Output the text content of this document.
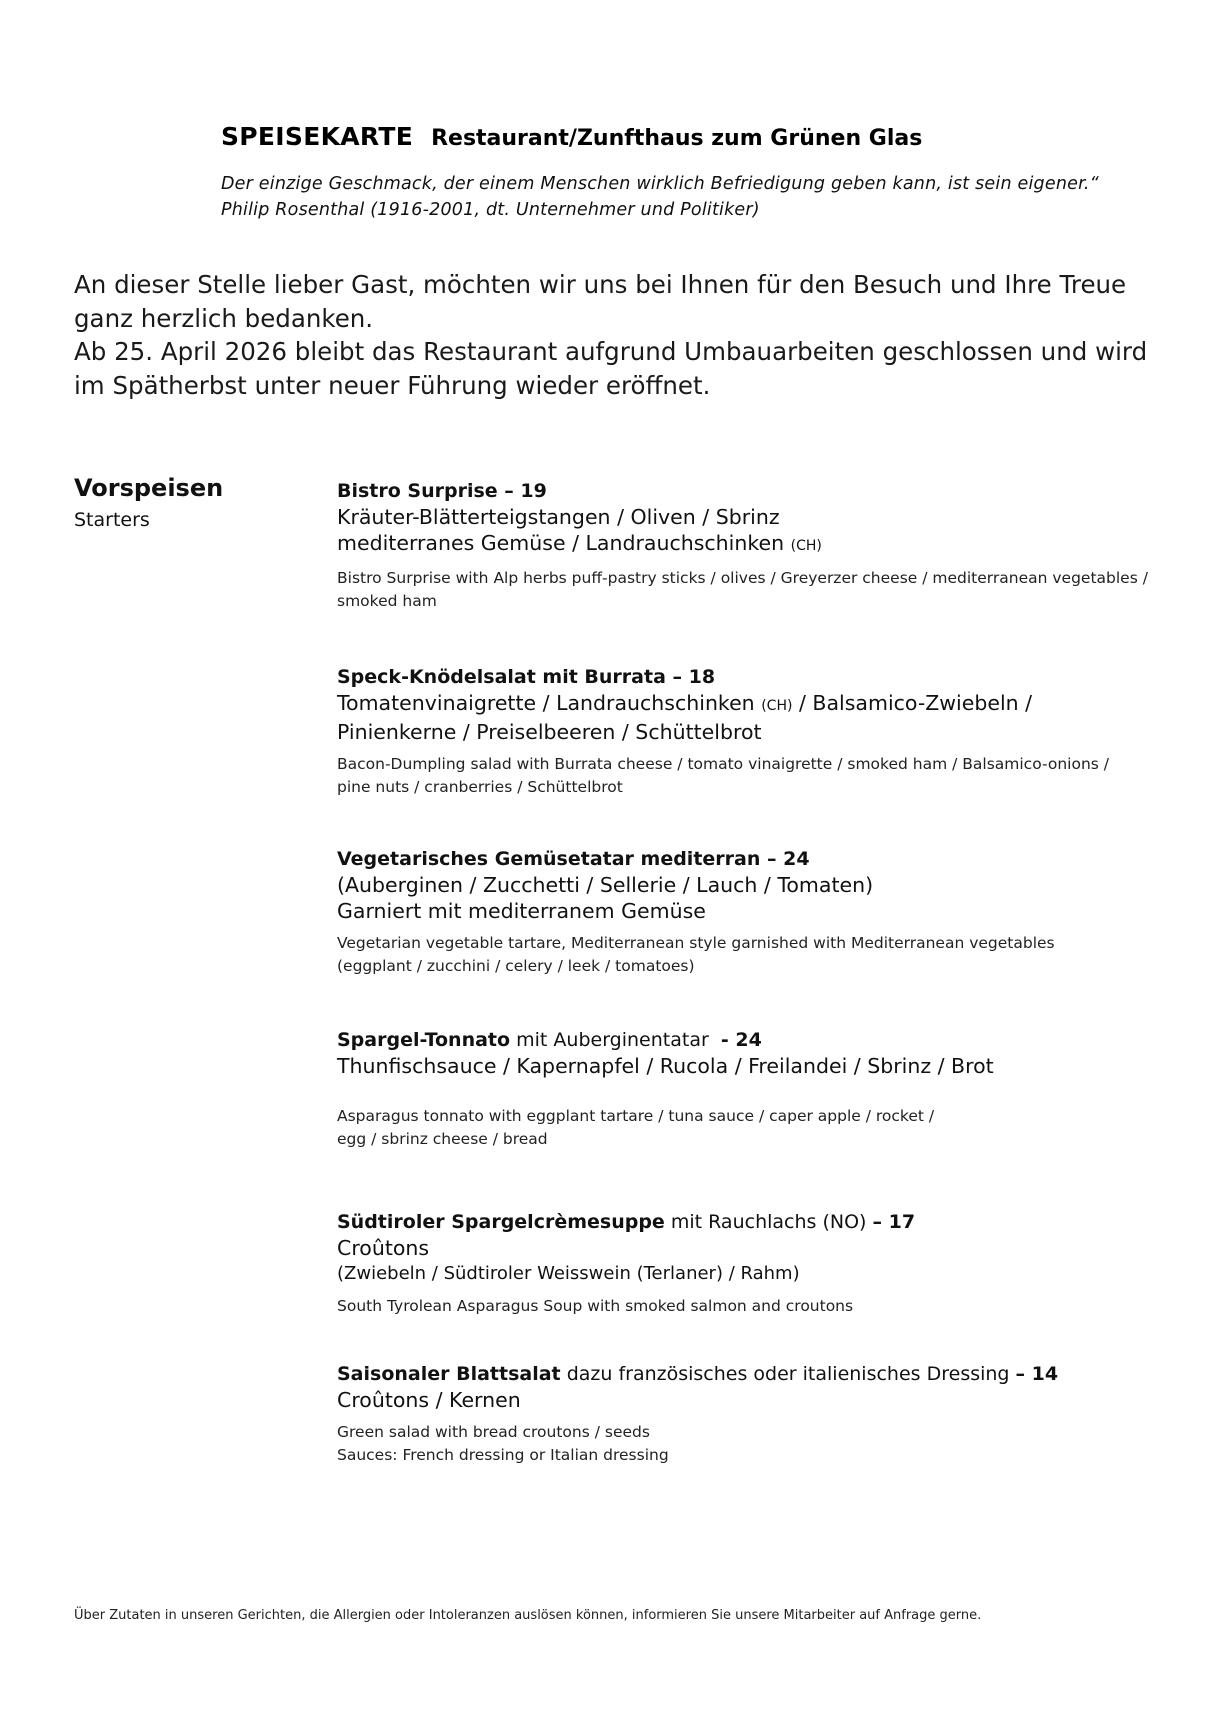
SPEISEKARTE Restaurant/Zunfthaus zum Grünen Glas
Der einzige Geschmack, der einem Menschen wirklich Befriedigung geben kann, ist sein eigener.“
Philip Rosenthal (1916-2001, dt. Unternehmer und Politiker)
An dieser Stelle lieber Gast, möchten wir uns bei Ihnen für den Besuch und Ihre Treue ganz herzlich bedanken.
Ab 25. April 2026 bleibt das Restaurant aufgrund Umbauarbeiten geschlossen und wird im Spätherbst unter neuer Führung wieder eröffnet.
Vorspeisen
Starters
Bistro Surprise – 19
Kräuter-Blätterteigstangen / Oliven / Sbrinz
mediterranes Gemüse / Landrauchschinken (CH)
Bistro Surprise with Alp herbs puff-pastry sticks / olives / Greyerzer cheese / mediterranean vegetables /
smoked ham
Speck-Knödelsalat mit Burrata – 18
Tomatenvinaigrette / Landrauchschinken (CH) / Balsamico-Zwiebeln /
Pinienkerne / Preiselbeeren / Schüttelbrot
Bacon-Dumpling salad with Burrata cheese / tomato vinaigrette / smoked ham / Balsamico-onions /
pine nuts / cranberries / Schüttelbrot
Vegetarisches Gemüsetatar mediterran – 24
(Auberginen / Zucchetti / Sellerie / Lauch / Tomaten)
Garniert mit mediterranem Gemüse
Vegetarian vegetable tartare, Mediterranean style garnished with Mediterranean vegetables
(eggplant / zucchini / celery / leek / tomatoes)
Spargel-Tonnato mit Auberginentatar - 24
Thunfischsauce / Kapernapfel / Rucola / Freilandei / Sbrinz / Brot
Asparagus tonnato with eggplant tartare / tuna sauce / caper apple / rocket /
egg / sbrinz cheese / bread
Südtiroler Spargelcrèmesuppe mit Rauchlachs (NO) – 17
Croûtons
(Zwiebeln / Südtiroler Weisswein (Terlaner) / Rahm)
South Tyrolean Asparagus Soup with smoked salmon and croutons
Saisonaler Blattsalat dazu französisches oder italienisches Dressing – 14
Croûtons / Kernen
Green salad with bread croutons / seeds
Sauces: French dressing or Italian dressing
Über Zutaten in unseren Gerichten, die Allergien oder Intoleranzen auslösen können, informieren Sie unsere Mitarbeiter auf Anfrage gerne.
